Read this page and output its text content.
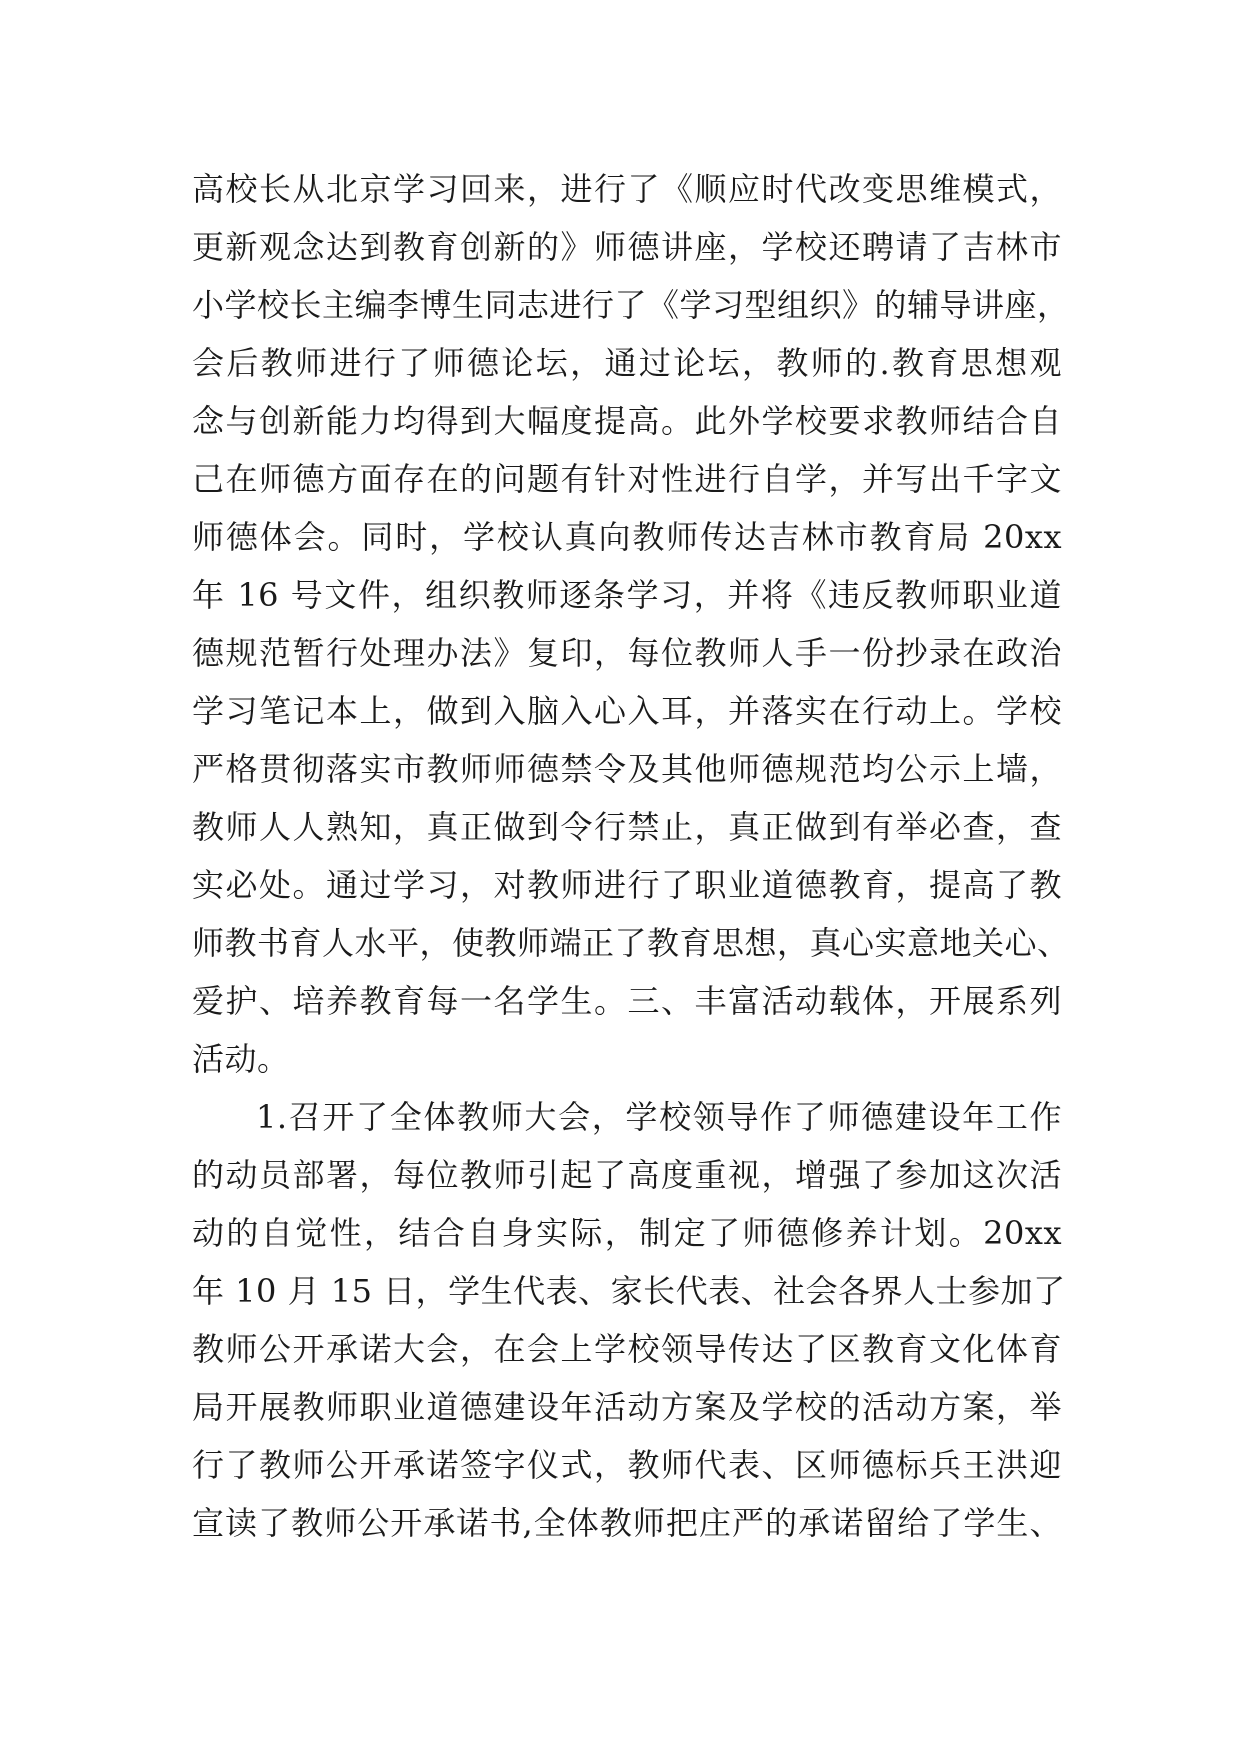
高校长从北京学习回来，进行了《顺应时代改变思维模式，
更新观念达到教育创新的》师德讲座，学校还聘请了吉林市
小学校长主编李博生同志进行了《学习型组织》的辅导讲座，
会后教师进行了师德论坛，通过论坛，教师的.教育思想观
念与创新能力均得到大幅度提高。此外学校要求教师结合自
己在师德方面存在的问题有针对性进行自学，并写出千字文
师德体会。同时，学校认真向教师传达吉林市教育局 20xx
年 16 号文件，组织教师逐条学习，并将《违反教师职业道
德规范暂行处理办法》复印，每位教师人手一份抄录在政治
学习笔记本上，做到入脑入心入耳，并落实在行动上。学校
严格贯彻落实市教师师德禁令及其他师德规范均公示上墙，
教师人人熟知，真正做到令行禁止，真正做到有举必查，查
实必处。通过学习，对教师进行了职业道德教育，提高了教
师教书育人水平，使教师端正了教育思想，真心实意地关心、
爱护、培养教育每一名学生。三、丰富活动载体，开展系列
活动。
1.召开了全体教师大会，学校领导作了师德建设年工作
的动员部署，每位教师引起了高度重视，增强了参加这次活
动的自觉性，结合自身实际，制定了师德修养计划。20xx
年 10 月 15 日，学生代表、家长代表、社会各界人士参加了
教师公开承诺大会，在会上学校领导传达了区教育文化体育
局开展教师职业道德建设年活动方案及学校的活动方案，举
行了教师公开承诺签字仪式，教师代表、区师德标兵王洪迎
宣读了教师公开承诺书,全体教师把庄严的承诺留给了学生、
